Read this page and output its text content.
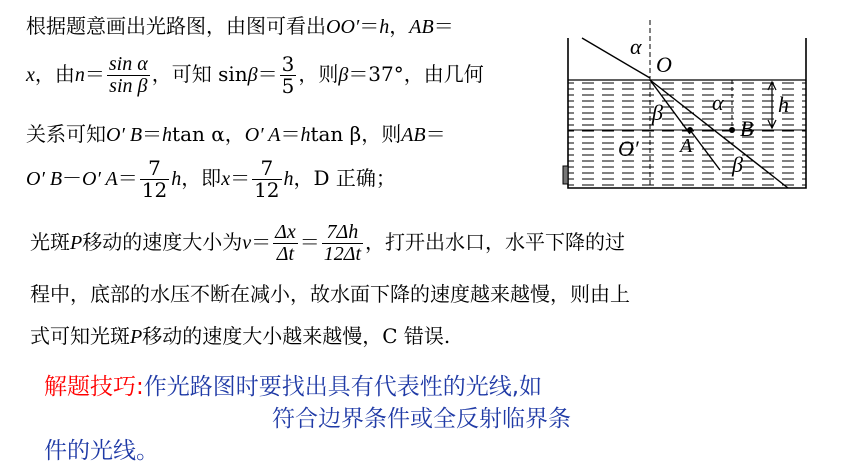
根据题意画出光路图，由图可看出OO′＝h，AB＝
x，由$n= \frac{\text{sin α}}{\text{sin β}}$ ，可知 $\sin\beta= \frac{3}{5}$ ，则β＝37°，由几何
关系可知O′ B＝htan α，O′ A＝htan β，则AB＝
O′ B－O′ $A= \frac{7}{12}$ h，即$x= \frac{7}{12}$ h，D 正确；
光斑P移动的速度大小为$v= \frac{\Delta x}{\Delta t} = \frac{7\Delta h}{12\Delta t}$ ，打开出水口，水平下降的过
程中，底部的水压不断在减小，故水面下降的速度越来越慢，则由上
式可知光斑P移动的速度大小越来越慢，C 错误.
解题技巧:作光路图时要找出具有代表性的光线,如
符合边界条件或全反射临界条
件的光线。
α
O
h
β α
B
O′ A
β
